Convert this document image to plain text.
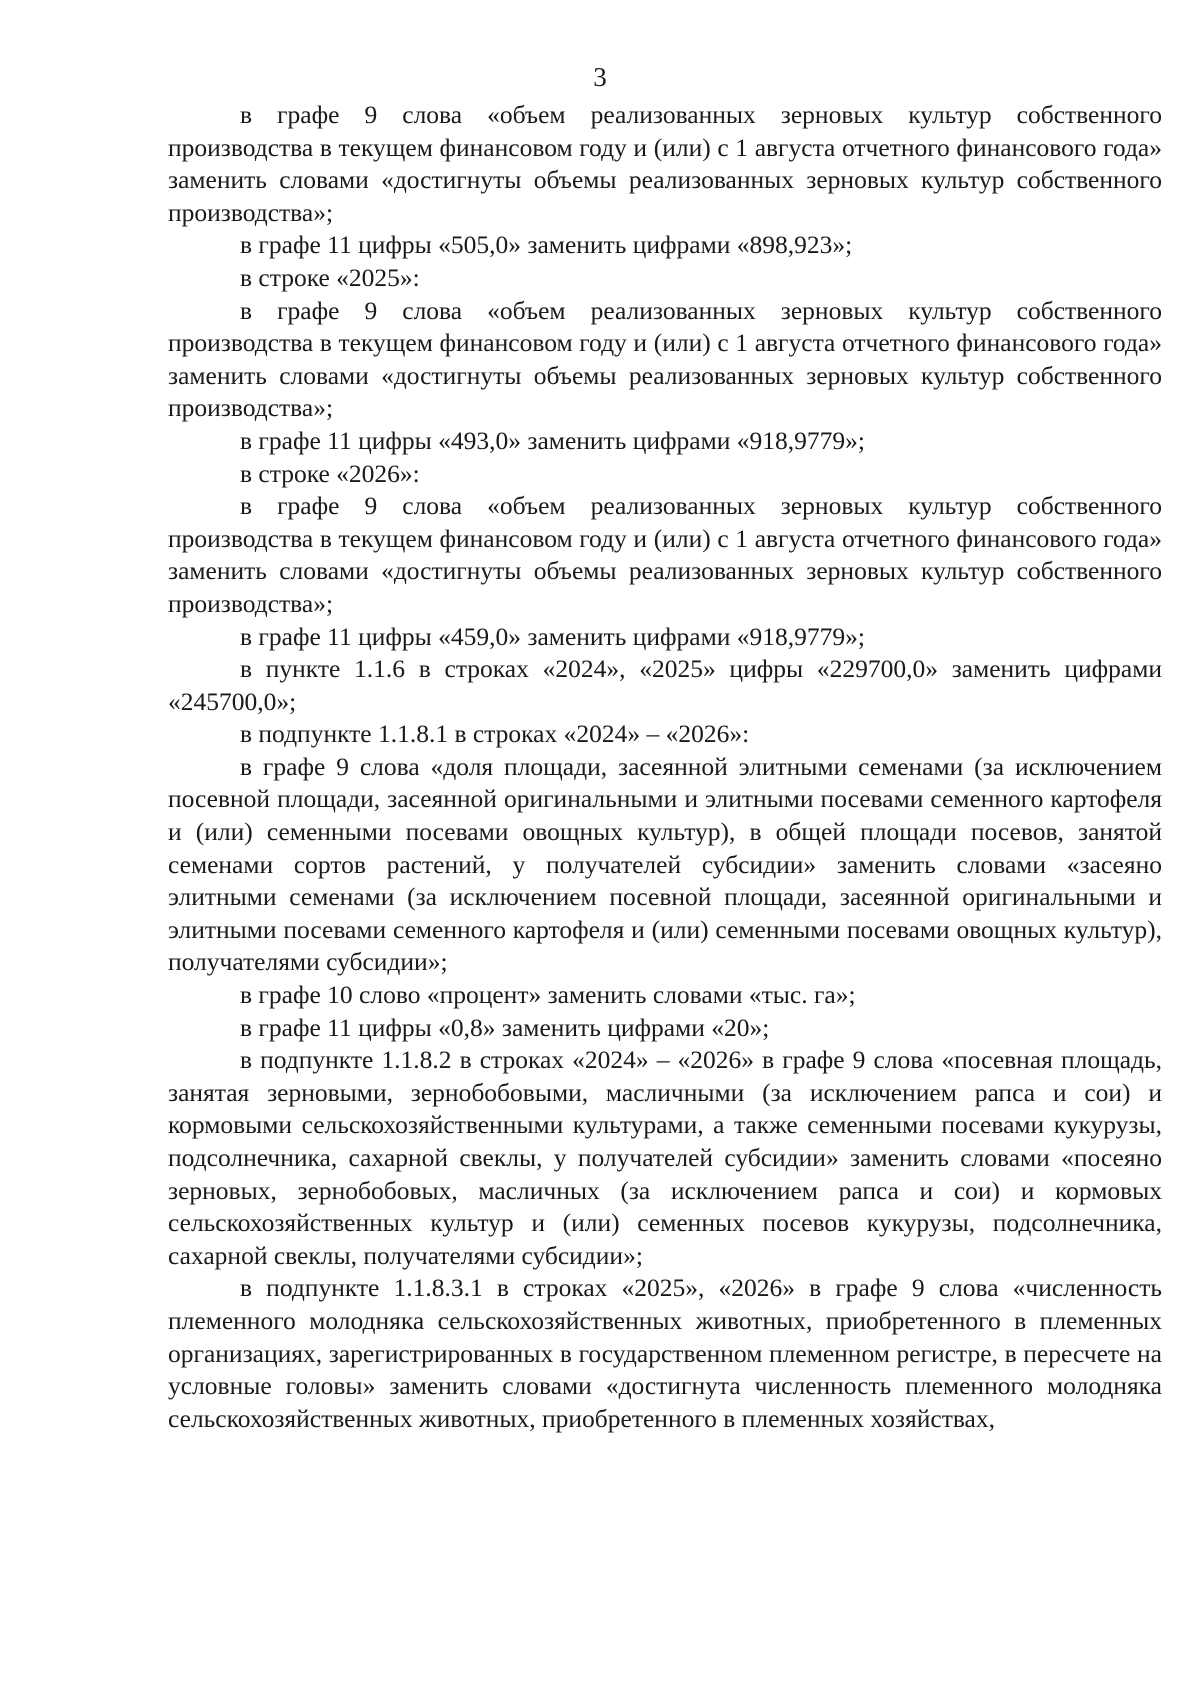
3

в графе 9 слова «объем реализованных зерновых культур собственного производства в текущем финансовом году и (или) с 1 августа отчетного финансового года» заменить словами «достигнуты объемы реализованных зерновых культур собственного производства»;

в графе 11 цифры «505,0» заменить цифрами «898,923»;

в строке «2025»:

в графе 9 слова «объем реализованных зерновых культур собственного производства в текущем финансовом году и (или) с 1 августа отчетного финансового года» заменить словами «достигнуты объемы реализованных зерновых культур собственного производства»;

в графе 11 цифры «493,0» заменить цифрами «918,9779»;

в строке «2026»:

в графе 9 слова «объем реализованных зерновых культур собственного производства в текущем финансовом году и (или) с 1 августа отчетного финансового года» заменить словами «достигнуты объемы реализованных зерновых культур собственного производства»;

в графе 11 цифры «459,0» заменить цифрами «918,9779»;

в пункте 1.1.6 в строках «2024», «2025» цифры «229700,0» заменить цифрами «245700,0»;

в подпункте 1.1.8.1 в строках «2024» – «2026»:

в графе 9 слова «доля площади, засеянной элитными семенами (за исключением посевной площади, засеянной оригинальными и элитными посевами семенного картофеля и (или) семенными посевами овощных культур), в общей площади посевов, занятой семенами сортов растений, у получателей субсидии» заменить словами «засеяно элитными семенами (за исключением посевной площади, засеянной оригинальными и элитными посевами семенного картофеля и (или) семенными посевами овощных культур), получателями субсидии»;

в графе 10 слово «процент» заменить словами «тыс. га»;

в графе 11 цифры «0,8» заменить цифрами «20»;

в подпункте 1.1.8.2 в строках «2024» – «2026» в графе 9 слова «посевная площадь, занятая зерновыми, зернобобовыми, масличными (за исключением рапса и сои) и кормовыми сельскохозяйственными культурами, а также семенными посевами кукурузы, подсолнечника, сахарной свеклы, у получателей субсидии» заменить словами «посеяно зерновых, зернобобовых, масличных (за исключением рапса и сои) и кормовых сельскохозяйственных культур и (или) семенных посевов кукурузы, подсолнечника, сахарной свеклы, получателями субсидии»;

в подпункте 1.1.8.3.1 в строках «2025», «2026» в графе 9 слова «численность племенного молодняка сельскохозяйственных животных, приобретенного в племенных организациях, зарегистрированных в государственном племенном регистре, в пересчете на условные головы» заменить словами «достигнута численность племенного молодняка сельскохозяйственных животных, приобретенного в племенных хозяйствах,
